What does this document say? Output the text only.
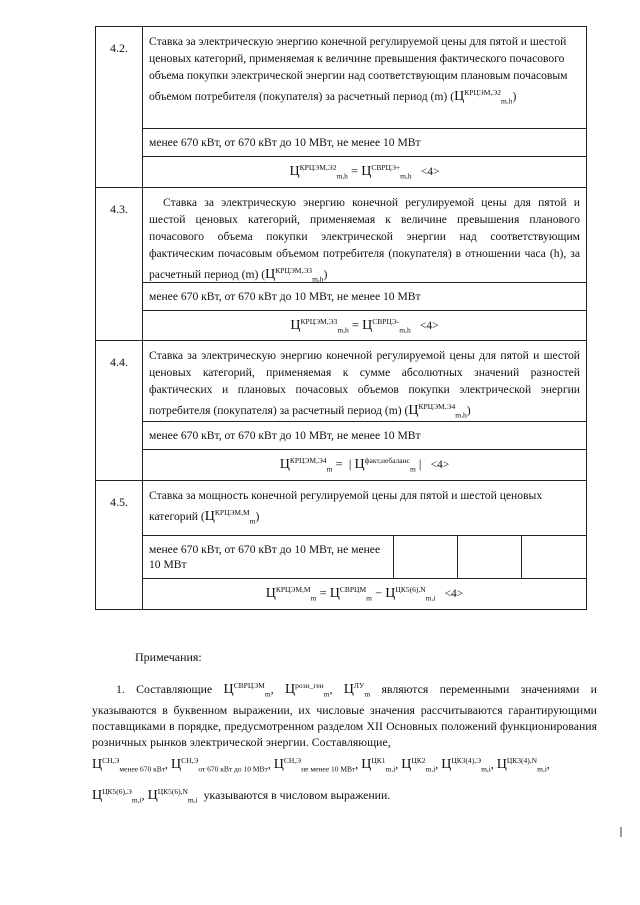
4.2.	Ставка за электрическую энергию конечной регулируемой цены для пятой и шестой ценовых категорий, применяемая к величине превышения фактического почасового объема покупки электрической энергии над соответствующим плановым почасовым объемом потребителя (покупателя) за расчетный период (m) $(Ц^{КРЦЭМ,Э2}_{m,h})$

менее 670 кВт, от 670 кВт до 10 МВт, не менее 10 МВт

$Ц^{КРЦЭМ,Э2}_{m,h} = Ц^{СВРЦЭ+}_{m,h} <4>$

4.3.	Ставка за электрическую энергию конечной регулируемой цены для пятой и шестой ценовых категорий, применяемая к величине превышения планового почасового объема покупки электрической энергии над соответствующим фактическим почасовым объемом потребителя (покупателя) в отношении часа (h), за расчетный период (m) $(Ц^{КРЦЭМ,Э3}_{m,h})$

менее 670 кВт, от 670 кВт до 10 МВт, не менее 10 МВт

$Ц^{КРЦЭМ,Э3}_{m,h} = Ц^{СВРЦЭ-}_{m,h} <4>$

4.4.	Ставка за электрическую энергию конечной регулируемой цены для пятой и шестой ценовых категорий, применяемая к сумме абсолютных значений разностей фактических и плановых почасовых объемов покупки электрической энергии потребителя (покупателя) за расчетный период (m) $(Ц^{КРЦЭМ,Э4}_{m,h})$

менее 670 кВт, от 670 кВт до 10 МВт, не менее 10 МВт

$Ц^{КРЦЭМ,Э4}_m$ =  | $Ц^{факт,небаланс}_m$ | <4>

4.5.	Ставка за мощность конечной регулируемой цены для пятой и шестой ценовых категорий $(Ц^{КРЦЭМ,М}_m)$

менее 670 кВт, от 670 кВт до 10 МВт, не менее 10 МВт

$Ц^{КРЦЭМ,М}_m = Ц^{СВРЦМ}_m - Ц^{ЦК5(6),N}_{m,i} <4>$
Примечания:
1. Составляющие $Ц^{СВРЦЭМ}_m$, $Ц^{розн\_ген}_m$, $Ц^{ЛУ}_m$ являются переменными значениями и указываются в буквенном выражении, их числовые значения рассчитываются гарантирующими поставщиками в порядке, предусмотренном разделом XII Основных положений функционирования розничных рынков электрической энергии. Составляющие,
$Ц^{СН,Э}_{менее 670 кВт}$, $Ц^{СН,Э}_{от 670 кВт до 10 МВт}$, $Ц^{СН,Э}_{не менее 10 МВт}$, $Ц^{ЦК1}_{m,i}$, $Ц^{ЦК2}_{m,i}$, $Ц^{ЦК3(4),Э}_{m,i}$, $Ц^{ЦК3(4),N}_{m,i}$, $Ц^{ЦК5(6),Э}_{m,i}$, $Ц^{ЦК5(6),N}_{m,i}$ указываются в числовом выражении.
